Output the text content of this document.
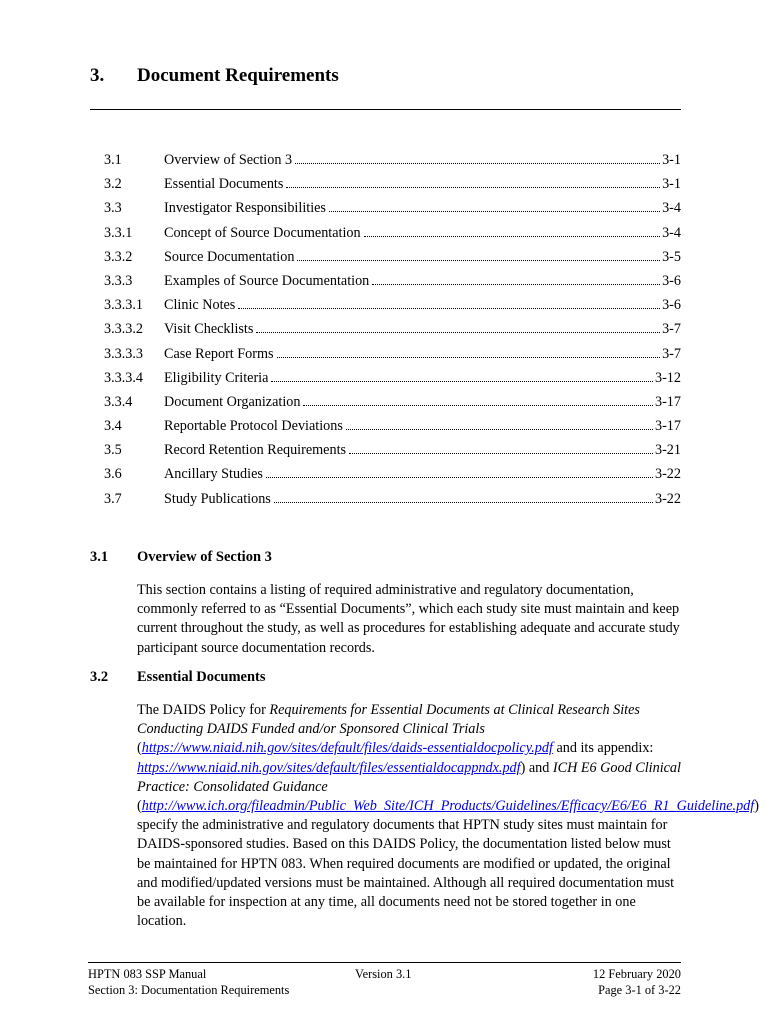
3. Document Requirements
3.1	Overview of Section 3	3-1
3.2	Essential Documents	3-1
3.3	Investigator Responsibilities	3-4
3.3.1 Concept of Source Documentation	3-4
3.3.2 Source Documentation	3-5
3.3.3 Examples of Source Documentation	3-6
3.3.3.1 Clinic Notes	3-6
3.3.3.2 Visit Checklists	3-7
3.3.3.3 Case Report Forms	3-7
3.3.3.4 Eligibility Criteria	3-12
3.3.4 Document Organization	3-17
3.4	Reportable Protocol Deviations	3-17
3.5	Record Retention Requirements	3-21
3.6	Ancillary Studies	3-22
3.7	Study Publications	3-22
3.1 Overview of Section 3
This section contains a listing of required administrative and regulatory documentation, commonly referred to as “Essential Documents”, which each study site must maintain and keep current throughout the study, as well as procedures for establishing adequate and accurate study participant source documentation records.
3.2 Essential Documents
The DAIDS Policy for Requirements for Essential Documents at Clinical Research Sites Conducting DAIDS Funded and/or Sponsored Clinical Trials (https://www.niaid.nih.gov/sites/default/files/daids-essentialdocpolicy.pdf and its appendix: https://www.niaid.nih.gov/sites/default/files/essentialdocappndx.pdf) and ICH E6 Good Clinical Practice: Consolidated Guidance (http://www.ich.org/fileadmin/Public_Web_Site/ICH_Products/Guidelines/Efficacy/E6/E6_R1_Guideline.pdf) specify the administrative and regulatory documents that HPTN study sites must maintain for DAIDS-sponsored studies. Based on this DAIDS Policy, the documentation listed below must be maintained for HPTN 083. When required documents are modified or updated, the original and modified/updated versions must be maintained. Although all required documentation must be available for inspection at any time, all documents need not be stored together in one location.
HPTN 083 SSP Manual
Section 3: Documentation Requirements
Version 3.1	12 February 2020
Page 3-1 of 3-22
